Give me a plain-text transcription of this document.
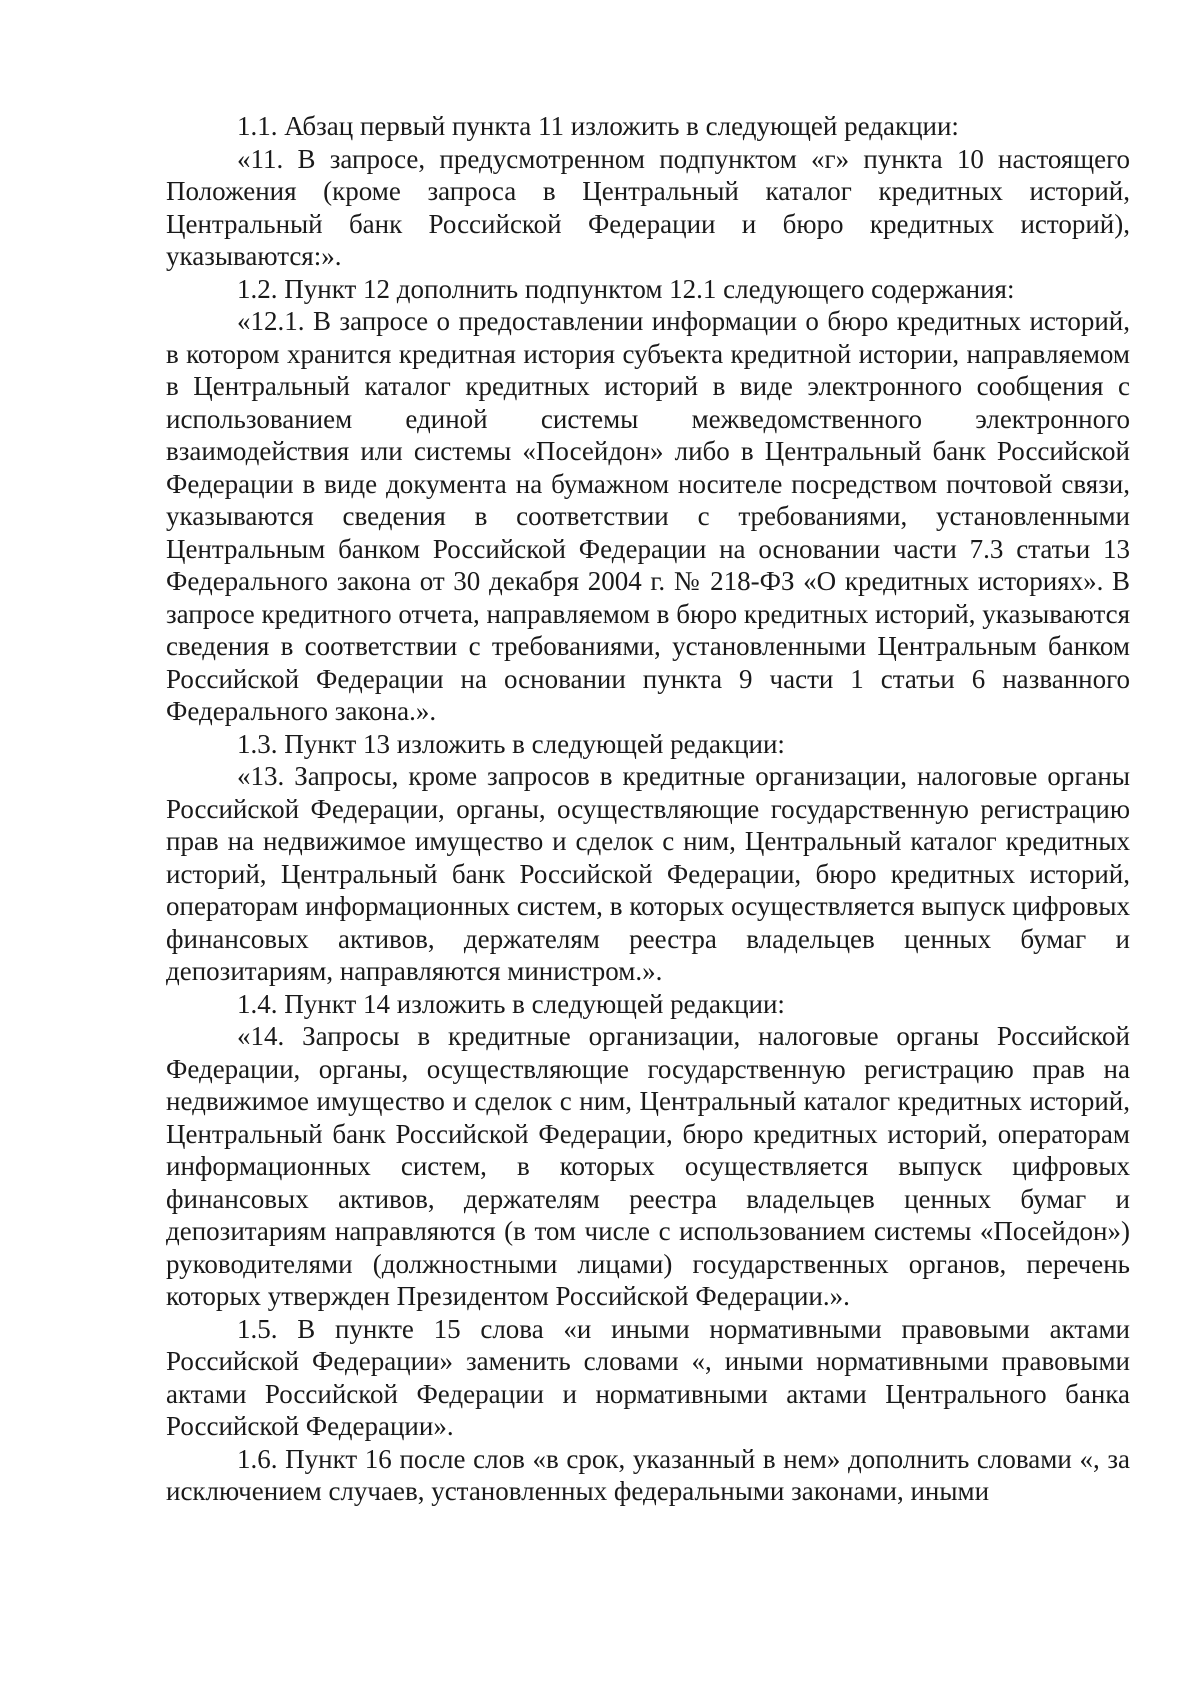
1.1. Абзац первый пункта 11 изложить в следующей редакции:

«11. В запросе, предусмотренном подпунктом «г» пункта 10 настоящего Положения (кроме запроса в Центральный каталог кредитных историй, Центральный банк Российской Федерации и бюро кредитных историй), указываются:».

1.2. Пункт 12 дополнить подпунктом 12.1 следующего содержания:

«12.1. В запросе о предоставлении информации о бюро кредитных историй, в котором хранится кредитная история субъекта кредитной истории, направляемом в Центральный каталог кредитных историй в виде электронного сообщения с использованием единой системы межведомственного электронного взаимодействия или системы «Посейдон» либо в Центральный банк Российской Федерации в виде документа на бумажном носителе посредством почтовой связи, указываются сведения в соответствии с требованиями, установленными Центральным банком Российской Федерации на основании части 7.3 статьи 13 Федерального закона от 30 декабря 2004 г. № 218-ФЗ «О кредитных историях». В запросе кредитного отчета, направляемом в бюро кредитных историй, указываются сведения в соответствии с требованиями, установленными Центральным банком Российской Федерации на основании пункта 9 части 1 статьи 6 названного Федерального закона.».

1.3. Пункт 13 изложить в следующей редакции:

«13. Запросы, кроме запросов в кредитные организации, налоговые органы Российской Федерации, органы, осуществляющие государственную регистрацию прав на недвижимое имущество и сделок с ним, Центральный каталог кредитных историй, Центральный банк Российской Федерации, бюро кредитных историй, операторам информационных систем, в которых осуществляется выпуск цифровых финансовых активов, держателям реестра владельцев ценных бумаг и депозитариям, направляются министром.».

1.4. Пункт 14 изложить в следующей редакции:

«14. Запросы в кредитные организации, налоговые органы Российской Федерации, органы, осуществляющие государственную регистрацию прав на недвижимое имущество и сделок с ним, Центральный каталог кредитных историй, Центральный банк Российской Федерации, бюро кредитных историй, операторам информационных систем, в которых осуществляется выпуск цифровых финансовых активов, держателям реестра владельцев ценных бумаг и депозитариям направляются (в том числе с использованием системы «Посейдон») руководителями (должностными лицами) государственных органов, перечень которых утвержден Президентом Российской Федерации.».

1.5. В пункте 15 слова «и иными нормативными правовыми актами Российской Федерации» заменить словами «, иными нормативными правовыми актами Российской Федерации и нормативными актами Центрального банка Российской Федерации».

1.6. Пункт 16 после слов «в срок, указанный в нем» дополнить словами «, за исключением случаев, установленных федеральными законами, иными
